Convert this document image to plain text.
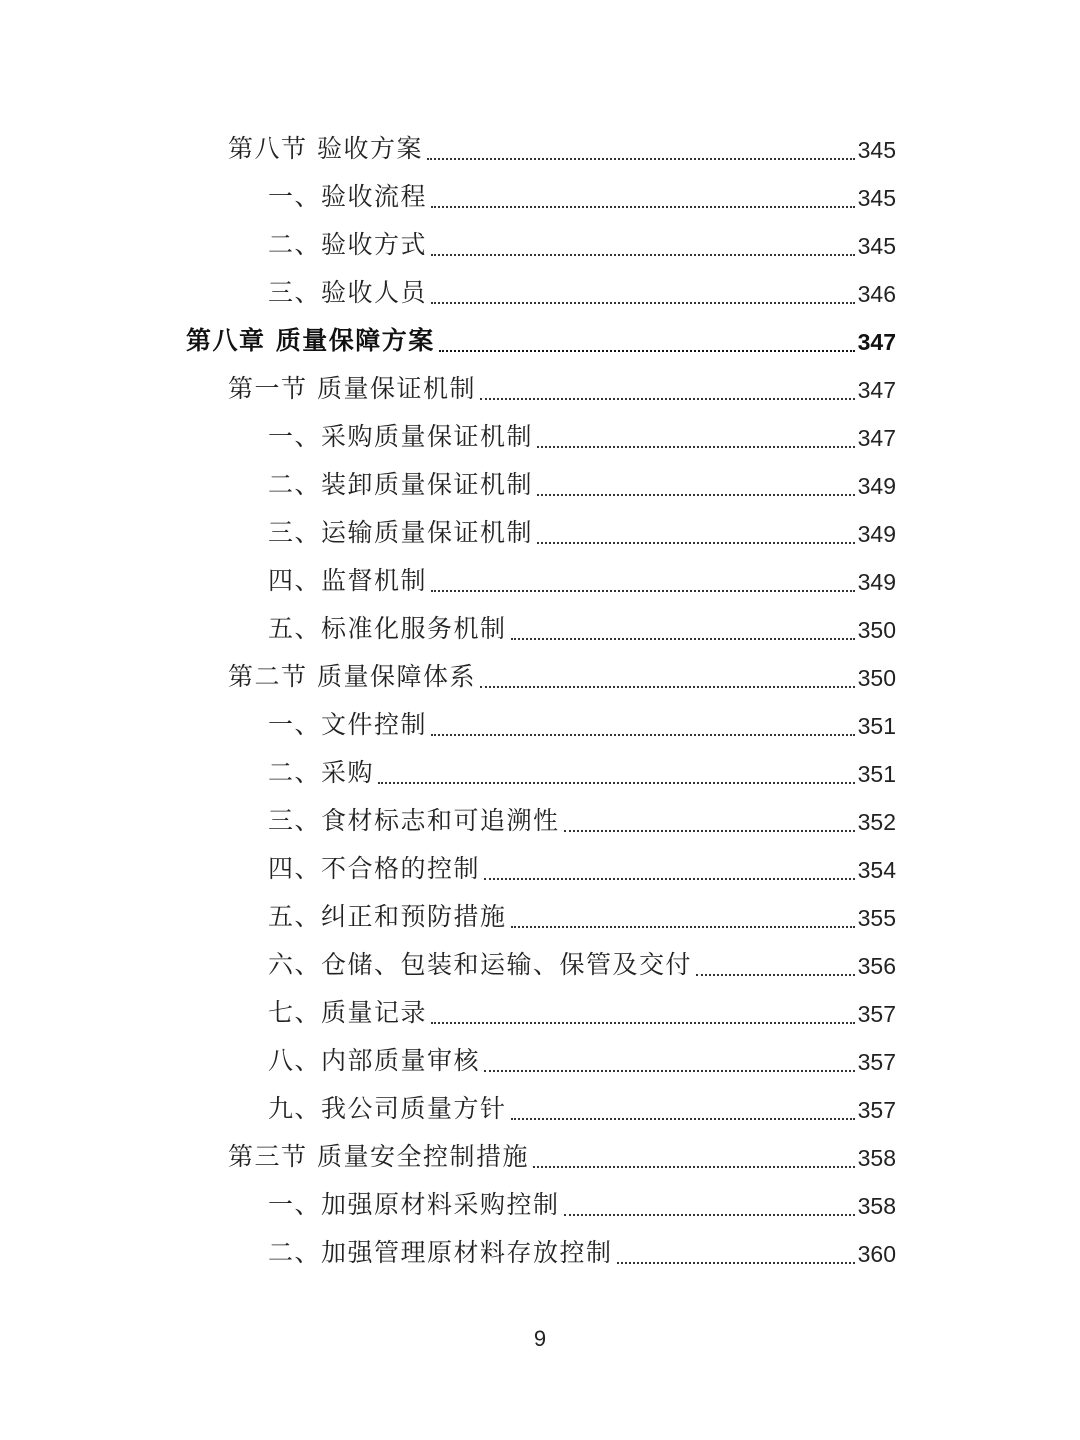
第八节 验收方案	345
一、验收流程	345
二、验收方式	345
三、验收人员	346
第八章 质量保障方案	347
第一节 质量保证机制	347
一、采购质量保证机制	347
二、装卸质量保证机制	349
三、运输质量保证机制	349
四、监督机制	349
五、标准化服务机制	350
第二节 质量保障体系	350
一、文件控制	351
二、采购	351
三、食材标志和可追溯性	352
四、不合格的控制	354
五、纠正和预防措施	355
六、仓储、包装和运输、保管及交付	356
七、质量记录	357
八、内部质量审核	357
九、我公司质量方针	357
第三节 质量安全控制措施	358
一、加强原材料采购控制	358
二、加强管理原材料存放控制	360
9
